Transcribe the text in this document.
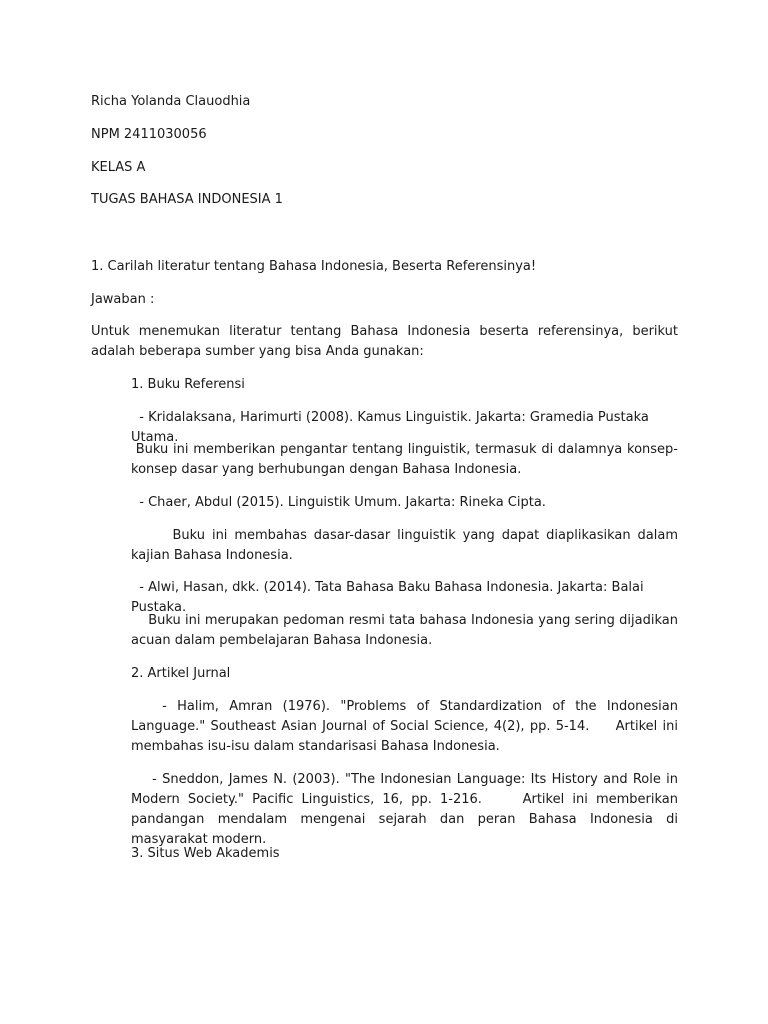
Richa Yolanda Clauodhia

NPM 2411030056

KELAS A

TUGAS BAHASA INDONESIA 1

1. Carilah literatur tentang Bahasa Indonesia, Beserta Referensinya!

Jawaban :

Untuk menemukan literatur tentang Bahasa Indonesia beserta referensinya, berikut adalah beberapa sumber yang bisa Anda gunakan:

1. Buku Referensi

- Kridalaksana, Harimurti (2008). Kamus Linguistik. Jakarta: Gramedia Pustaka Utama.

Buku ini memberikan pengantar tentang linguistik, termasuk di dalamnya konsep-konsep dasar yang berhubungan dengan Bahasa Indonesia.

- Chaer, Abdul (2015). Linguistik Umum. Jakarta: Rineka Cipta.

Buku ini membahas dasar-dasar linguistik yang dapat diaplikasikan dalam kajian Bahasa Indonesia.

- Alwi, Hasan, dkk. (2014). Tata Bahasa Baku Bahasa Indonesia. Jakarta: Balai Pustaka.

Buku ini merupakan pedoman resmi tata bahasa Indonesia yang sering dijadikan acuan dalam pembelajaran Bahasa Indonesia.

2. Artikel Jurnal

- Halim, Amran (1976). "Problems of Standardization of the Indonesian Language." Southeast Asian Journal of Social Science, 4(2), pp. 5-14.     Artikel ini membahas isu-isu dalam standarisasi Bahasa Indonesia.

- Sneddon, James N. (2003). "The Indonesian Language: Its History and Role in Modern Society." Pacific Linguistics, 16, pp. 1-216.     Artikel ini memberikan pandangan mendalam mengenai sejarah dan peran Bahasa Indonesia di masyarakat modern.

3. Situs Web Akademis
